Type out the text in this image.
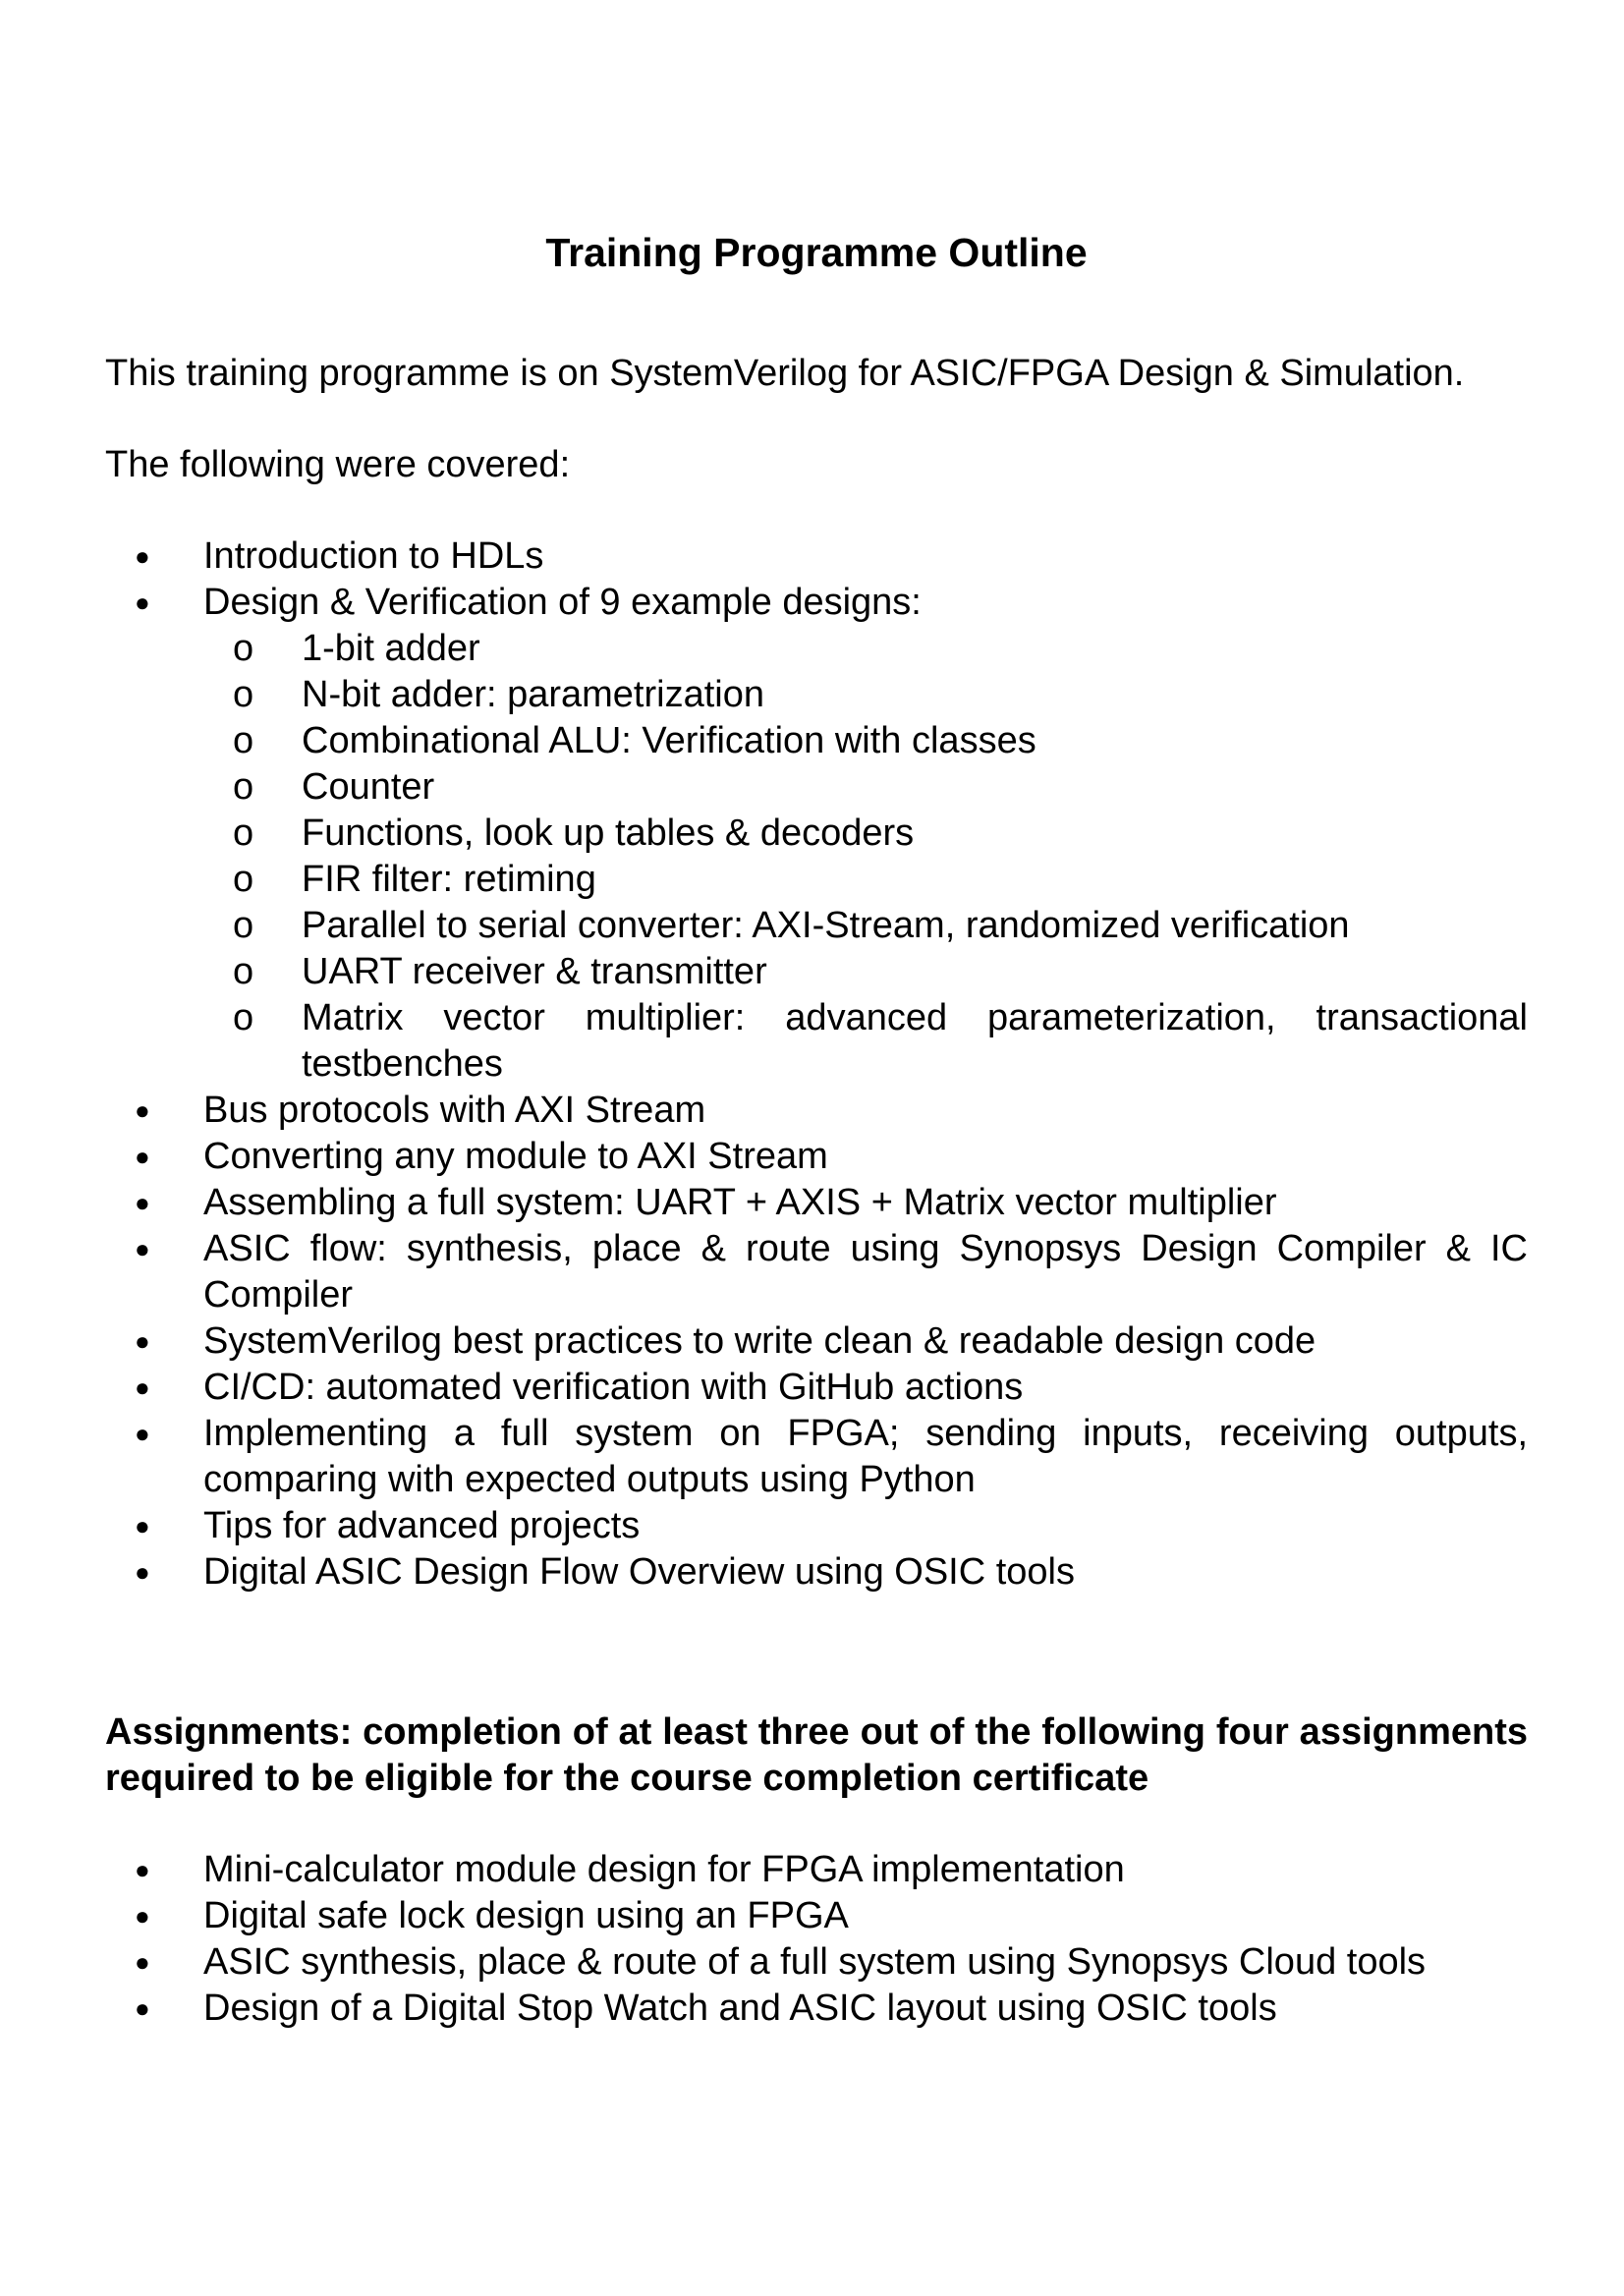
Training Programme Outline

This training programme is on SystemVerilog for ASIC/FPGA Design & Simulation.

The following were covered:

● Introduction to HDLs
● Design & Verification of 9 example designs:
o 1-bit adder
o N-bit adder: parametrization
o Combinational ALU: Verification with classes
o Counter
o Functions, look up tables & decoders
o FIR filter: retiming
o Parallel to serial converter: AXI-Stream, randomized verification
o UART receiver & transmitter
o Matrix vector multiplier: advanced parameterization, transactional testbenches
● Bus protocols with AXI Stream
● Converting any module to AXI Stream
● Assembling a full system: UART + AXIS + Matrix vector multiplier
● ASIC flow: synthesis, place & route using Synopsys Design Compiler & IC Compiler
● SystemVerilog best practices to write clean & readable design code
● CI/CD: automated verification with GitHub actions
● Implementing a full system on FPGA; sending inputs, receiving outputs, comparing with expected outputs using Python
● Tips for advanced projects
● Digital ASIC Design Flow Overview using OSIC tools

Assignments: completion of at least three out of the following four assignments required to be eligible for the course completion certificate

● Mini-calculator module design for FPGA implementation
● Digital safe lock design using an FPGA
● ASIC synthesis, place & route of a full system using Synopsys Cloud tools
● Design of a Digital Stop Watch and ASIC layout using OSIC tools
